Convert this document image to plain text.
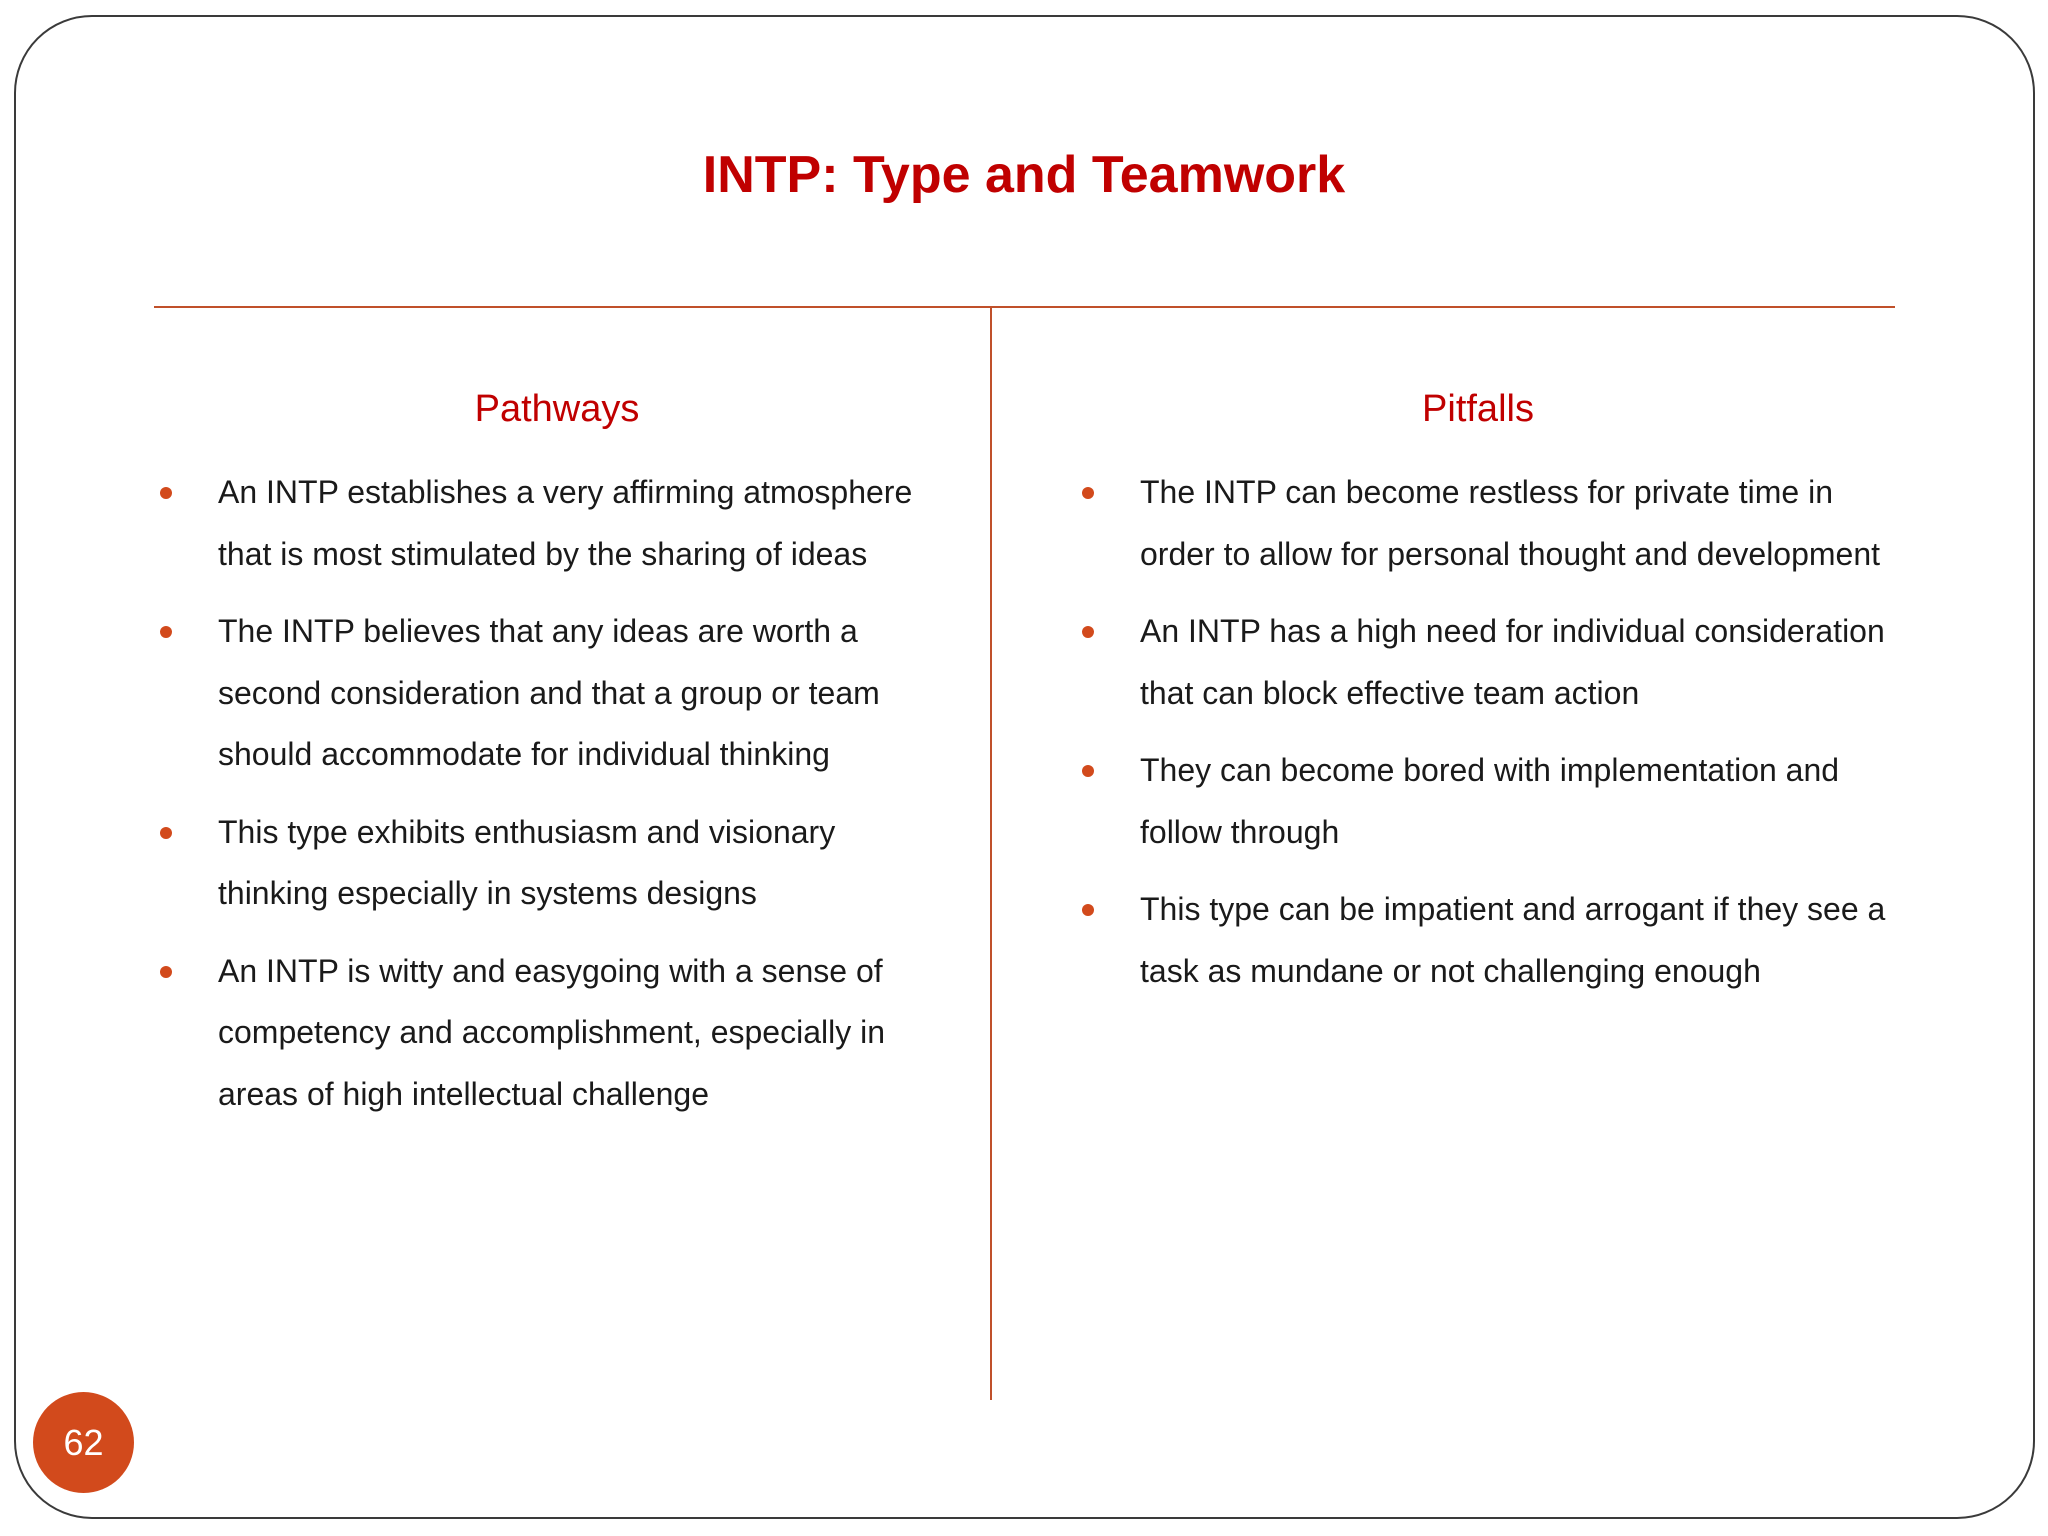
INTP: Type and Teamwork
Pathways	Pitfalls
An INTP establishes a very affirming atmosphere that is most stimulated by the sharing of ideas
The INTP believes that any ideas are worth a second consideration and that a group or team should accommodate for individual thinking
This type exhibits enthusiasm and visionary thinking especially in systems designs
An INTP is witty and easygoing with a sense of competency and accomplishment, especially in areas of high intellectual challenge
The INTP can become restless for private time in order to allow for personal thought and development
An INTP has a high need for individual consideration that can block effective team action
They can become bored with implementation and follow through
This type can be impatient and arrogant if they see a task as mundane or not challenging enough
62
